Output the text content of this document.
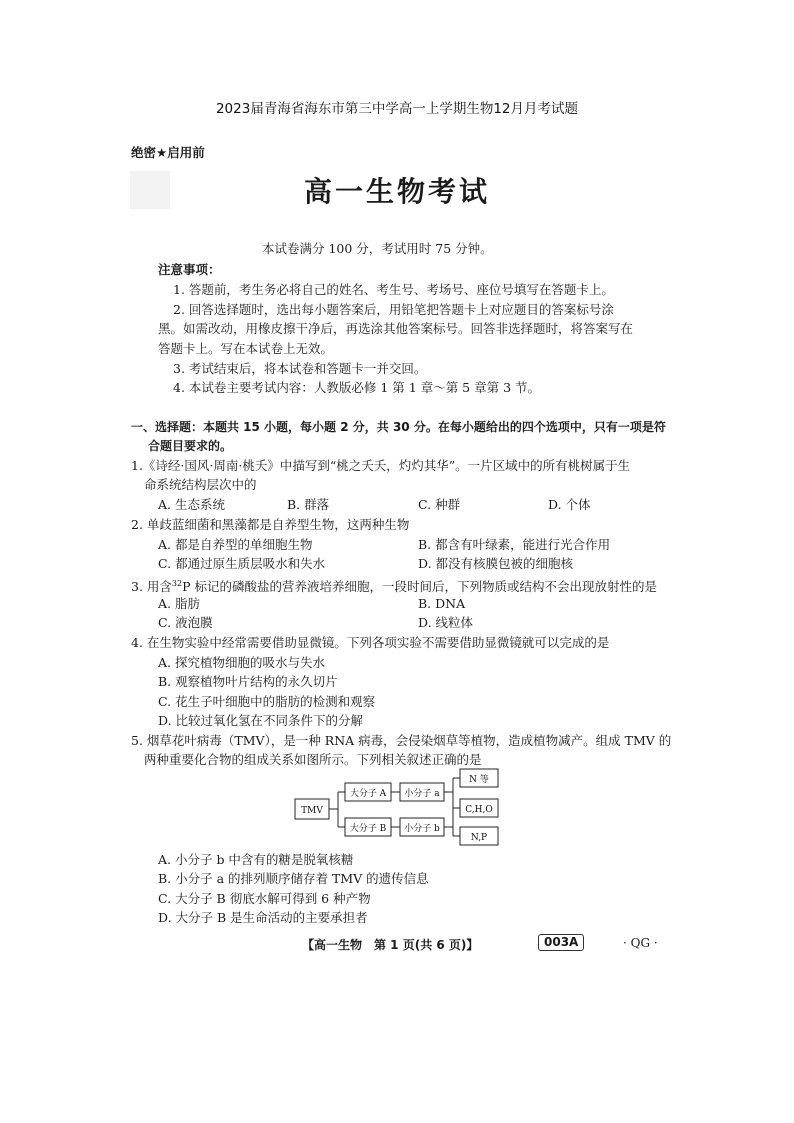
2023届青海省海东市第三中学高一上学期生物12月月考试题
绝密★启用前
高一生物考试
本试卷满分 100 分，考试用时 75 分钟。
注意事项：
1. 答题前，考生务必将自己的姓名、考生号、考场号、座位号填写在答题卡上。
2. 回答选择题时，选出每小题答案后，用铅笔把答题卡上对应题目的答案标号涂
黑。如需改动，用橡皮擦干净后，再选涂其他答案标号。回答非选择题时，将答案写在
答题卡上。写在本试卷上无效。
3. 考试结束后，将本试卷和答题卡一并交回。
4. 本试卷主要考试内容：人教版必修 1 第 1 章～第 5 章第 3 节。
一、选择题：本题共 15 小题，每小题 2 分，共 30 分。在每小题给出的四个选项中，只有一项是符
合题目要求的。
1.《诗经·国风·周南·桃夭》中描写到“桃之夭夭，灼灼其华”。一片区域中的所有桃树属于生
命系统结构层次中的
A. 生态系统	B. 群落	C. 种群	D. 个体
2. 单歧蓝细菌和黑藻都是自养型生物，这两种生物
A. 都是自养型的单细胞生物	B. 都含有叶绿素，能进行光合作用
C. 都通过原生质层吸水和失水	D. 都没有核膜包被的细胞核
3. 用含$^{32}$P 标记的磷酸盐的营养液培养细胞，一段时间后，下列物质或结构不会出现放射性的是
A. 脂肪	B. DNA
C. 液泡膜	D. 线粒体
4. 在生物实验中经常需要借助显微镜。下列各项实验不需要借助显微镜就可以完成的是
A. 探究植物细胞的吸水与失水
B. 观察植物叶片结构的永久切片
C. 花生子叶细胞中的脂肪的检测和观察
D. 比较过氧化氢在不同条件下的分解
5. 烟草花叶病毒（TMV），是一种 RNA 病毒，会侵染烟草等植物，造成植物减产。组成 TMV 的
两种重要化合物的组成关系如图所示。下列相关叙述正确的是
TMV
大分子 A
大分子 B
小分子 a
小分子 b
N 等
C,H,O
N,P
A. 小分子 b 中含有的糖是脱氧核糖
B. 小分子 a 的排列顺序储存着 TMV 的遗传信息
C. 大分子 B 彻底水解可得到 6 种产物
D. 大分子 B 是生命活动的主要承担者
【高一生物　第 1 页(共 6 页)】	003A	· QG ·
